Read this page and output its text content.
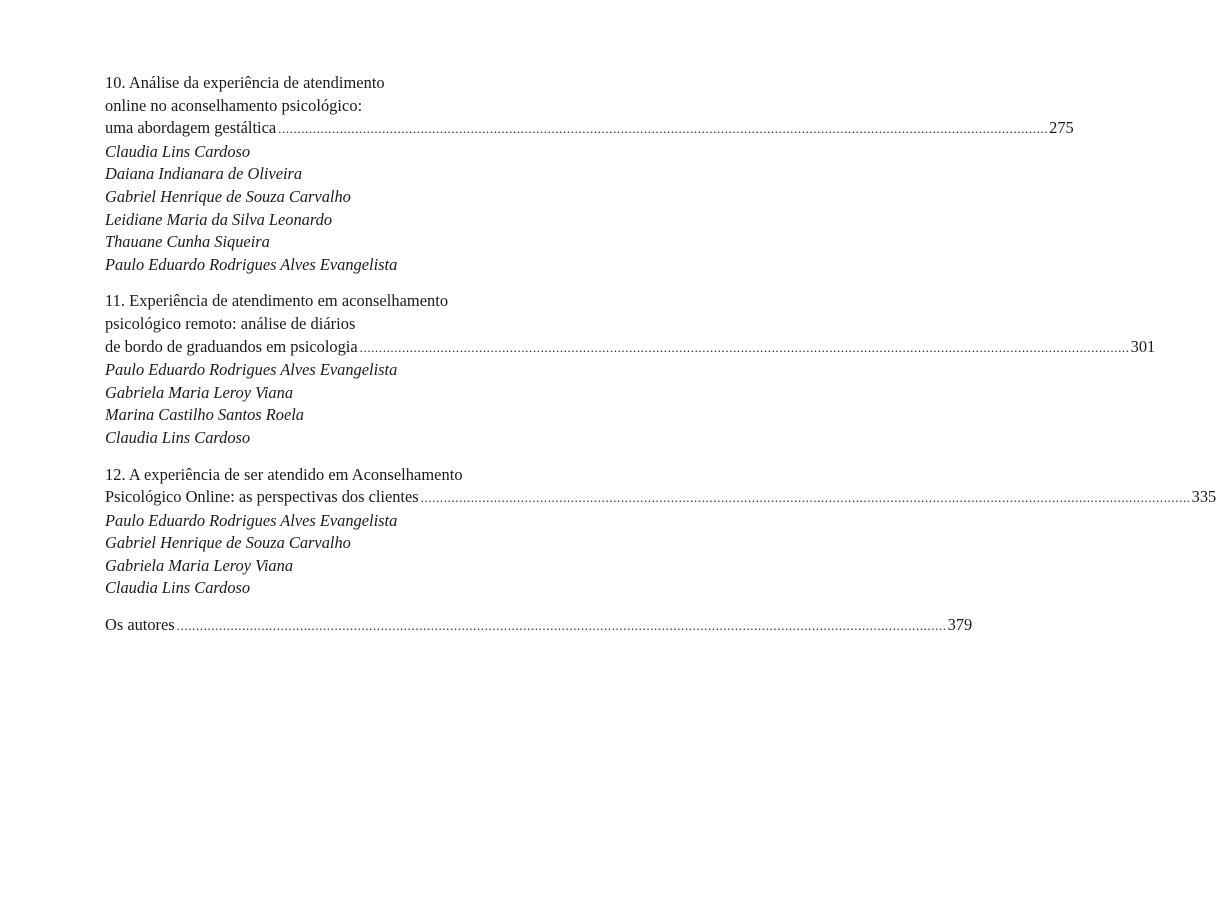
10. Análise da experiência de atendimento
online no aconselhamento psicológico:
uma abordagem gestáltica ........................................................................................................................................................................................................ 275
Claudia Lins Cardoso
Daiana Indianara de Oliveira
Gabriel Henrique de Souza Carvalho
Leidiane Maria da Silva Leonardo
Thauane Cunha Siqueira
Paulo Eduardo Rodrigues Alves Evangelista
11. Experiência de atendimento em aconselhamento
psicológico remoto: análise de diários
de bordo de graduandos em psicologia ........................................................................................................................................................................................................ 301
Paulo Eduardo Rodrigues Alves Evangelista
Gabriela Maria Leroy Viana
Marina Castilho Santos Roela
Claudia Lins Cardoso
12. A experiência de ser atendido em Aconselhamento
Psicológico Online: as perspectivas dos clientes ........................................................................................................................................................................................................ 335
Paulo Eduardo Rodrigues Alves Evangelista
Gabriel Henrique de Souza Carvalho
Gabriela Maria Leroy Viana
Claudia Lins Cardoso
Os autores ........................................................................................................................................................................................................ 379
